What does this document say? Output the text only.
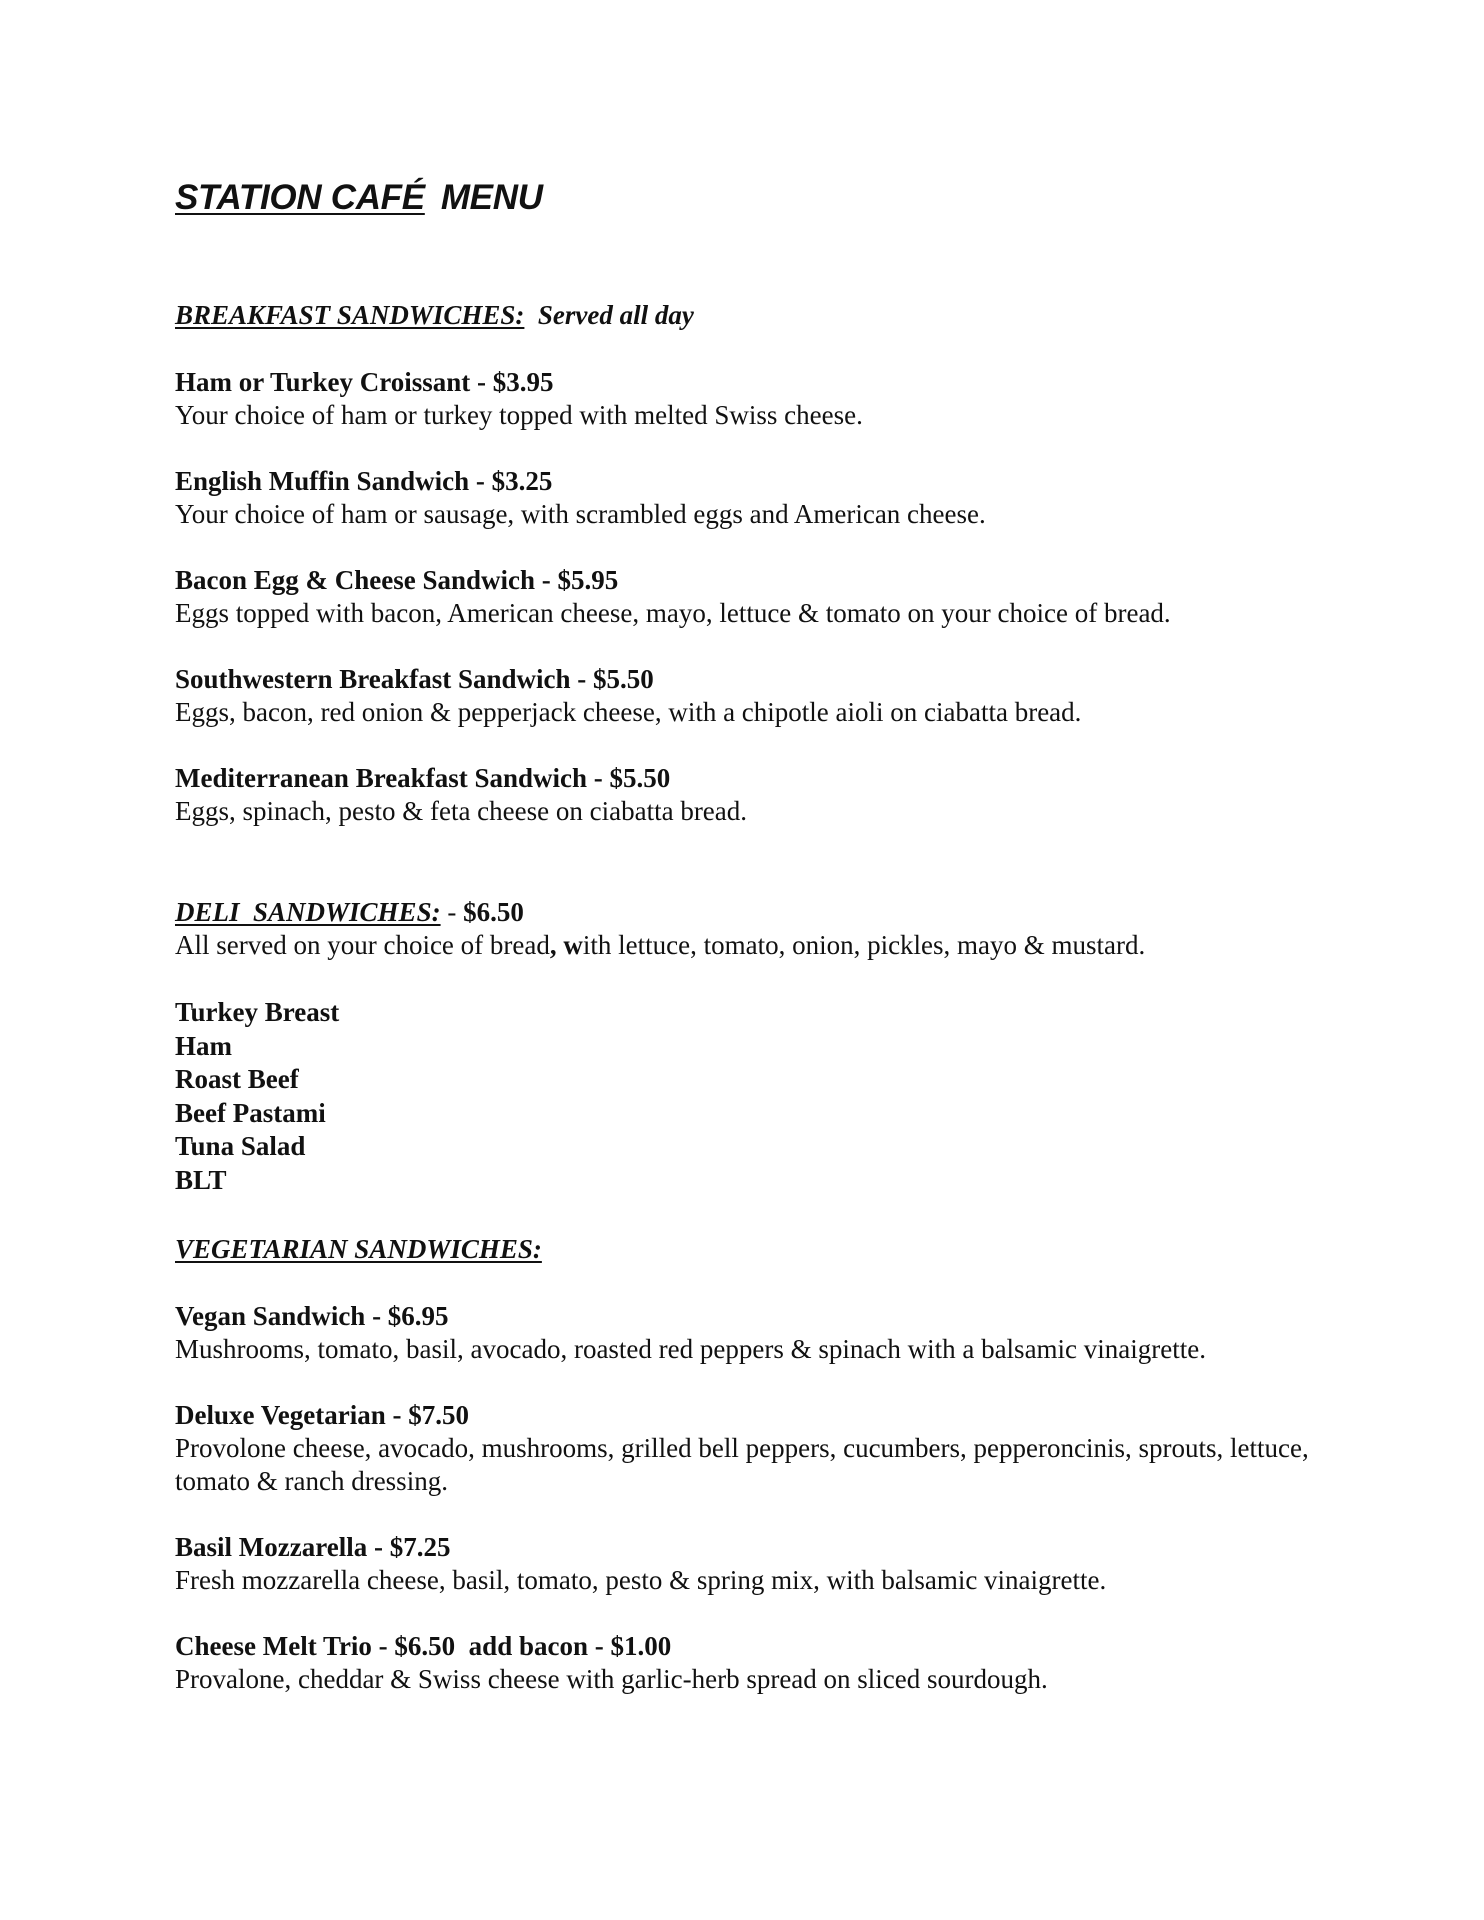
STATION CAFÉ MENU

BREAKFAST SANDWICHES: Served all day

Ham or Turkey Croissant - $3.95

Your choice of ham or turkey topped with melted Swiss cheese.

English Muffin Sandwich - $3.25

Your choice of ham or sausage, with scrambled eggs and American cheese.

Bacon Egg & Cheese Sandwich - $5.95

Eggs topped with bacon, American cheese, mayo, lettuce & tomato on your choice of bread.

Southwestern Breakfast Sandwich - $5.50

Eggs, bacon, red onion & pepperjack cheese, with a chipotle aioli on ciabatta bread.

Mediterranean Breakfast Sandwich - $5.50

Eggs, spinach, pesto & feta cheese on ciabatta bread.

DELI  SANDWICHES: - $6.50

All served on your choice of bread, with lettuce, tomato, onion, pickles, mayo & mustard.

Turkey Breast

Ham

Roast Beef

Beef Pastami

Tuna Salad

BLT

VEGETARIAN SANDWICHES:

Vegan Sandwich - $6.95

Mushrooms, tomato, basil, avocado, roasted red peppers & spinach with a balsamic vinaigrette.

Deluxe Vegetarian - $7.50

Provolone cheese, avocado, mushrooms, grilled bell peppers, cucumbers, pepperoncinis, sprouts, lettuce, tomato & ranch dressing.

Basil Mozzarella - $7.25

Fresh mozzarella cheese, basil, tomato, pesto & spring mix, with balsamic vinaigrette.

Cheese Melt Trio - $6.50  add bacon - $1.00

Provalone, cheddar & Swiss cheese with garlic-herb spread on sliced sourdough.
